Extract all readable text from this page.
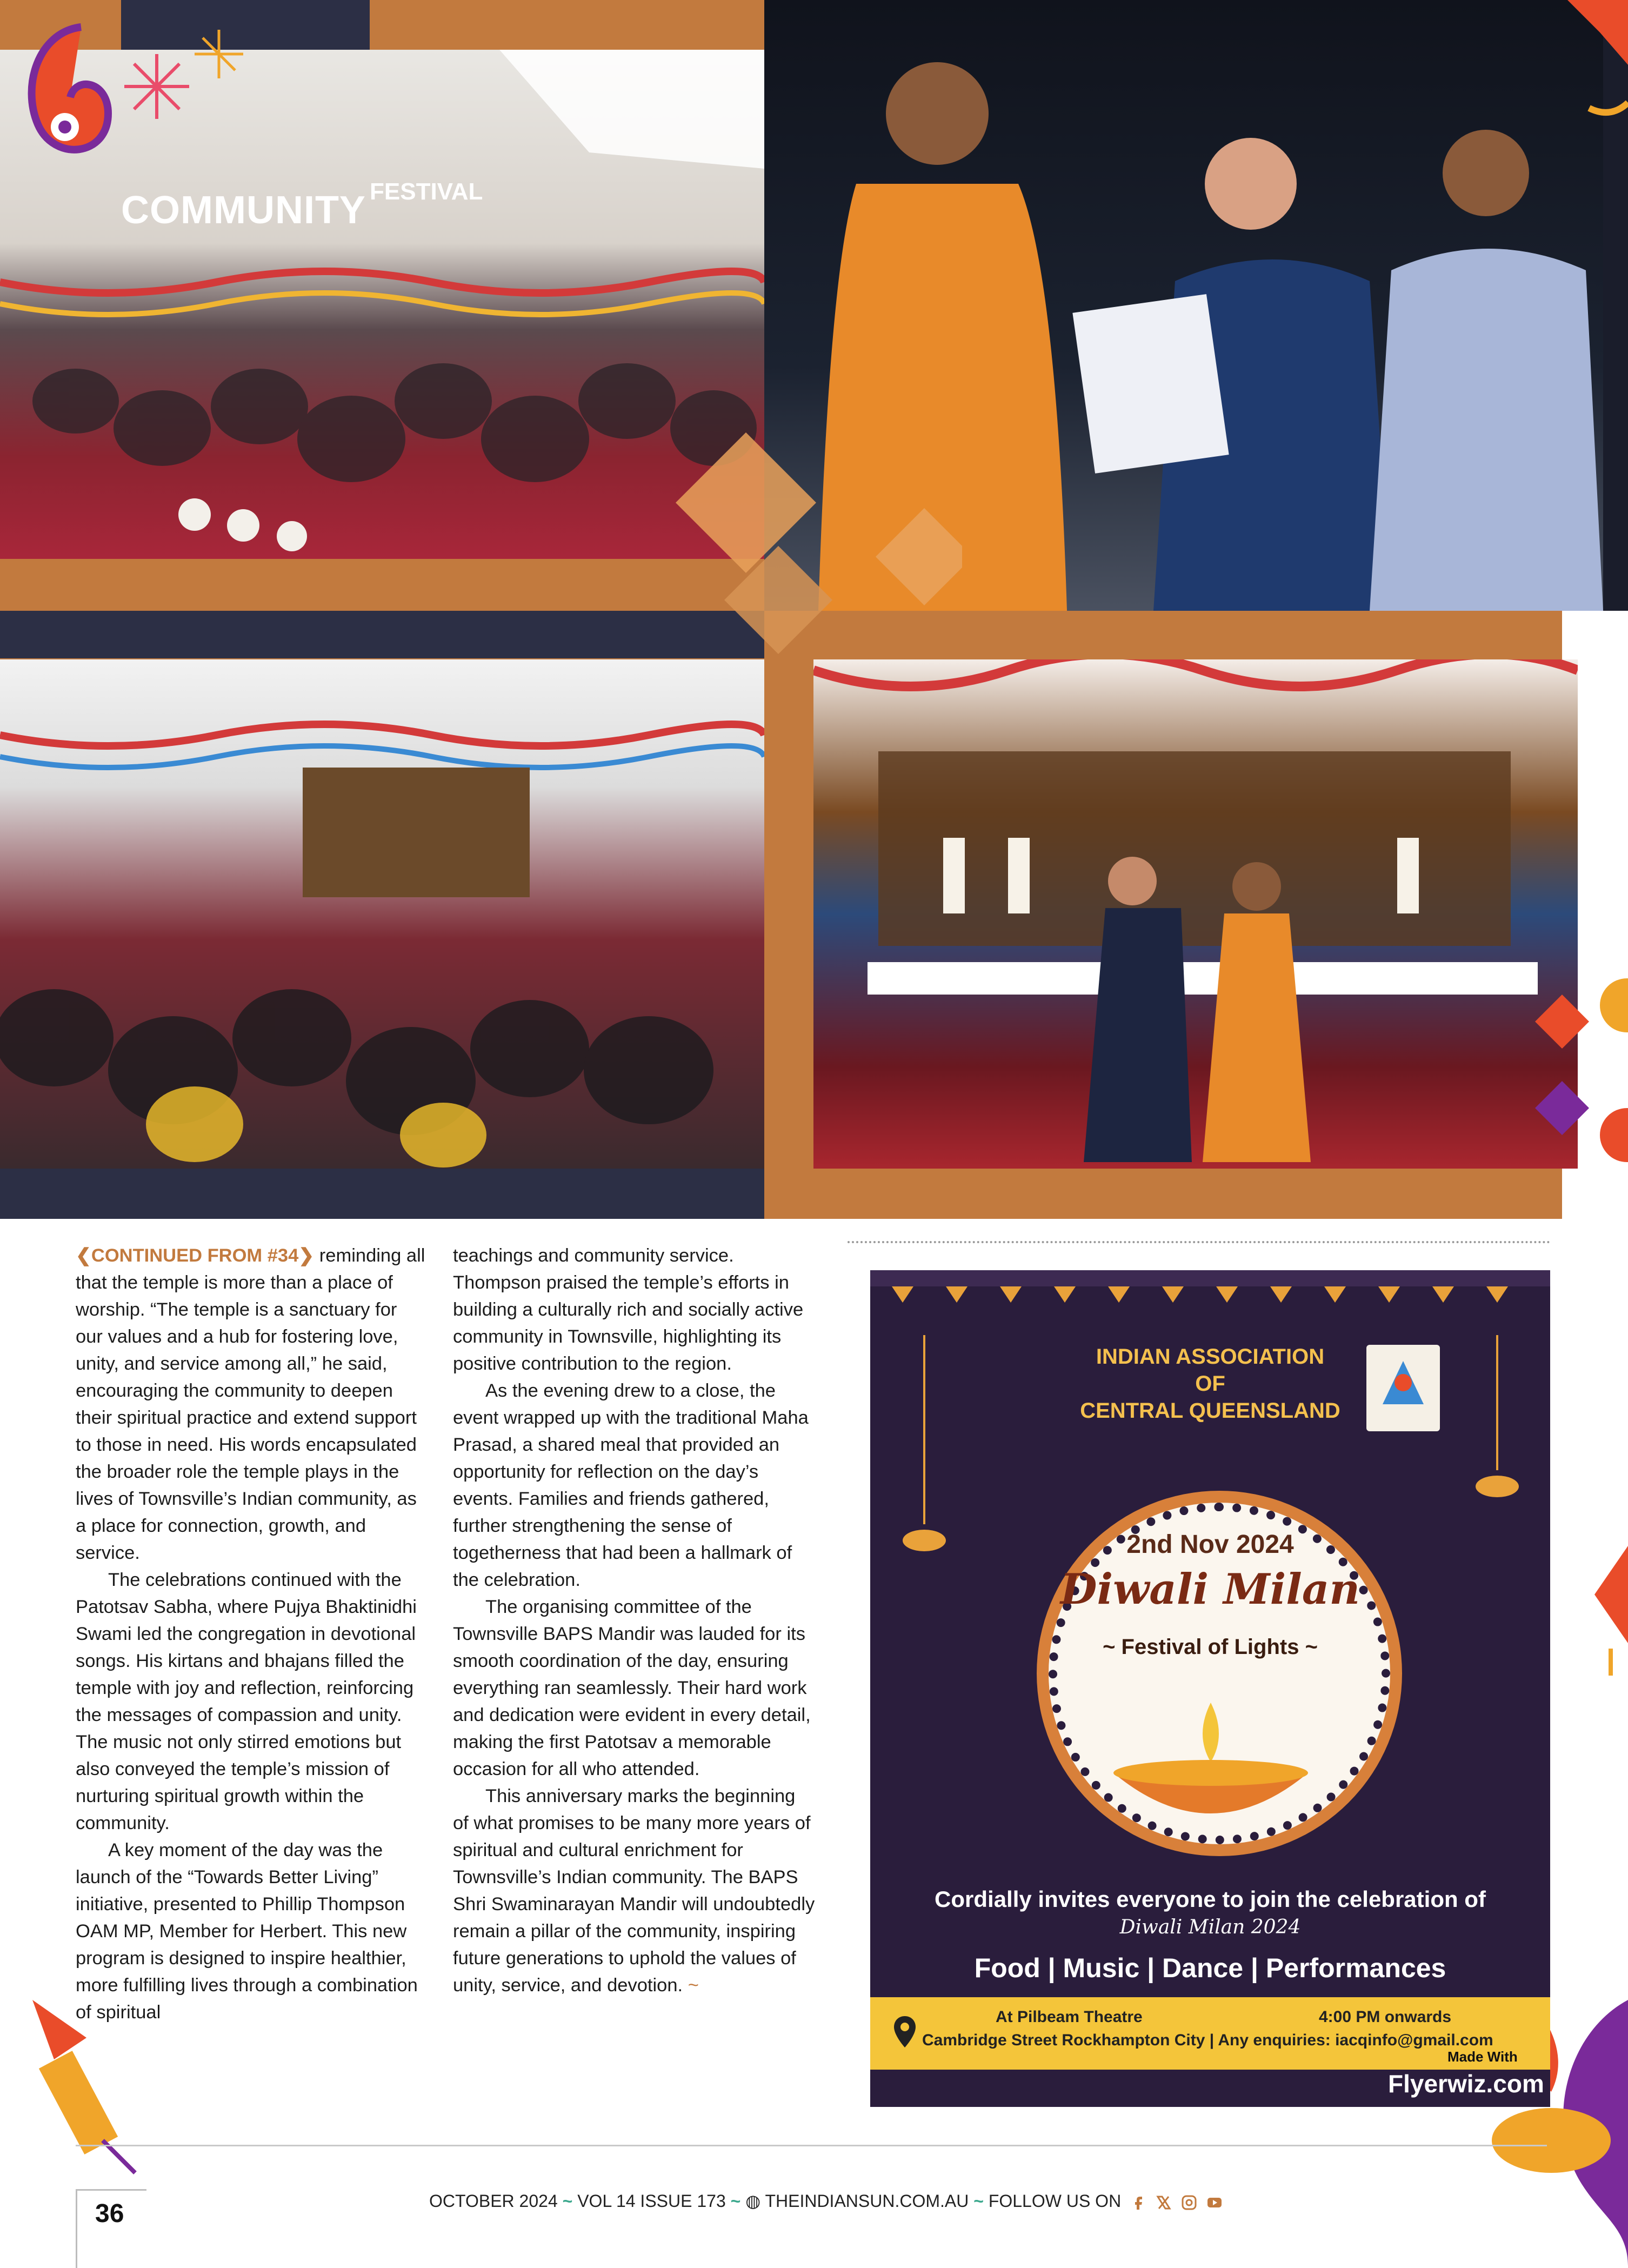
COMMUNITY FESTIVAL

❮CONTINUED FROM #34❯ reminding all that the temple is more than a place of worship. “The temple is a sanctuary for our values and a hub for fostering love, unity, and service among all,” he said, encouraging the community to deepen their spiritual practice and extend support to those in need. His words encapsulated the broader role the temple plays in the lives of Townsville’s Indian community, as a place for connection, growth, and service.

The celebrations continued with the Patotsav Sabha, where Pujya Bhaktinidhi Swami led the congregation in devotional songs. His kirtans and bhajans filled the temple with joy and reflection, reinforcing the messages of compassion and unity. The music not only stirred emotions but also conveyed the temple’s mission of nurturing spiritual growth within the community.

A key moment of the day was the launch of the “Towards Better Living” initiative, presented to Phillip Thompson OAM MP, Member for Herbert. This new program is designed to inspire healthier, more fulfilling lives through a combination of spiritual

teachings and community service. Thompson praised the temple’s efforts in building a culturally rich and socially active community in Townsville, highlighting its positive contribution to the region.

As the evening drew to a close, the event wrapped up with the traditional Maha Prasad, a shared meal that provided an opportunity for reflection on the day’s events. Families and friends gathered, further strengthening the sense of togetherness that had been a hallmark of the celebration.

The organising committee of the Townsville BAPS Mandir was lauded for its smooth coordination of the day, ensuring everything ran seamlessly. Their hard work and dedication were evident in every detail, making the first Patotsav a memorable occasion for all who attended.

This anniversary marks the beginning of what promises to be many more years of spiritual and cultural enrichment for Townsville’s Indian community. The BAPS Shri Swaminarayan Mandir will undoubtedly remain a pillar of the community, inspiring future generations to uphold the values of unity, service, and devotion. ~

INDIAN ASSOCIATION
OF
CENTRAL QUEENSLAND
2nd Nov 2024
Diwali Milan
~ Festival of Lights ~
Cordially invites everyone to join the celebration of
Diwali Milan 2024
Food | Music | Dance | Performances
At Pilbeam Theatre	4:00 PM onwards
Cambridge Street Rockhampton City | Any enquiries: iacqinfo@gmail.com
Made With
Flyerwiz.com
36	OCTOBER 2024 ~ VOL 14 ISSUE 173 ~ ◍ THEINDIANSUN.COM.AU ~ FOLLOW US ON
